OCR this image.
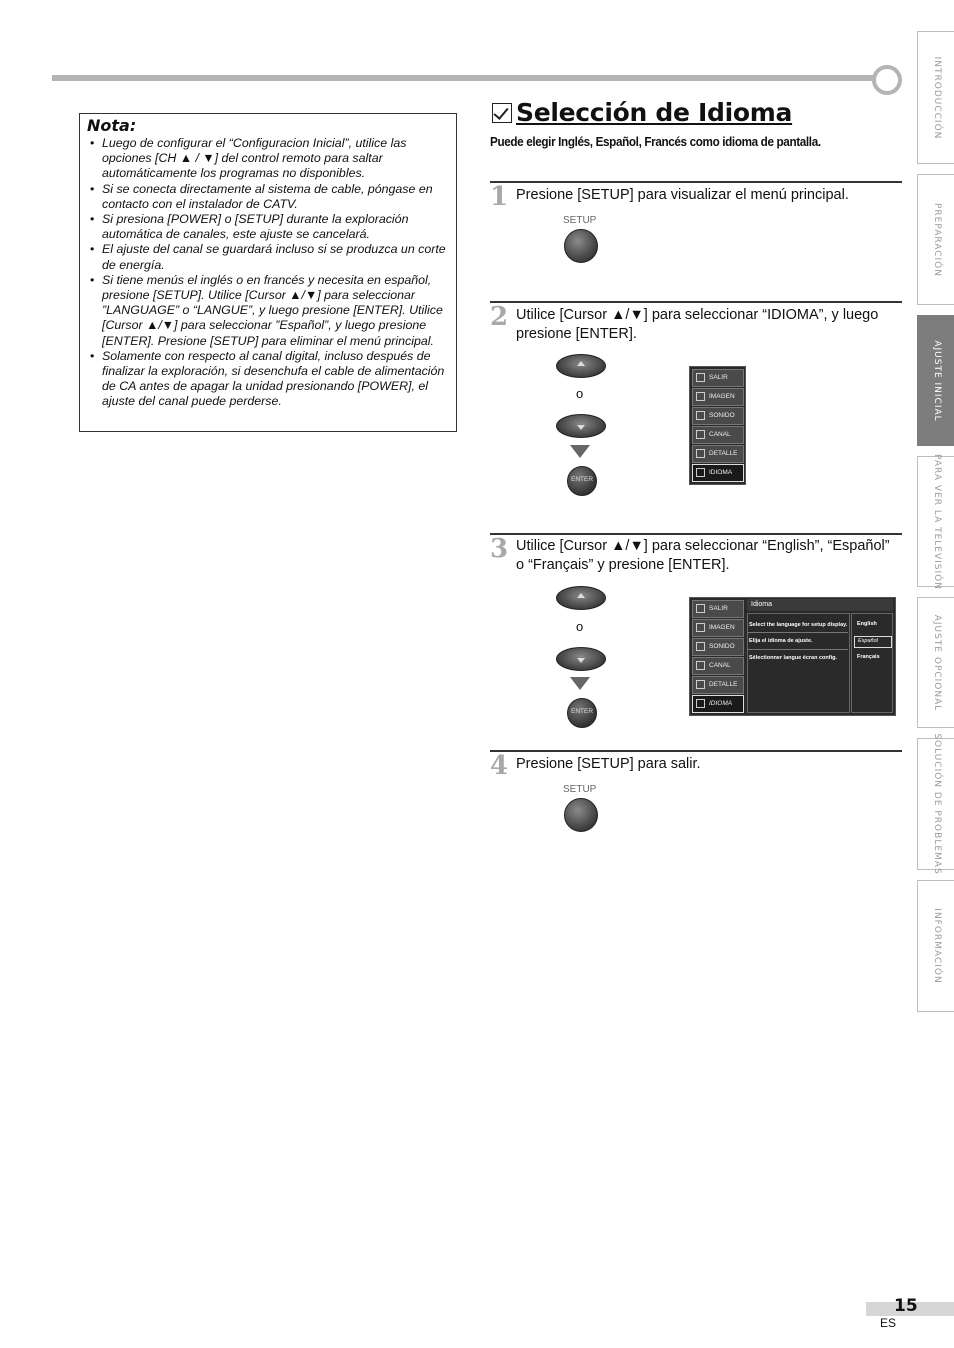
INTRODUCCIÓN
PREPARACIÓN
AJUSTE INICIAL
PARA VER LA TELEVISIÓN
AJUSTE OPCIONAL
SOLUCIÓN DE PROBLEMAS
INFORMACIÓN
Nota:
• Luego de configurar el “Configuracion Inicial”, utilice las opciones [CH ▲ / ▼] del control remoto para saltar automáticamente los programas no disponibles.
• Si se conecta directamente al sistema de cable, póngase en contacto con el instalador de CATV.
• Si presiona [POWER] o [SETUP] durante la exploración automática de canales, este ajuste se cancelará.
• El ajuste del canal se guardará incluso si se produzca un corte de energía.
• Si tiene menús el inglés o en francés y necesita en español, presione [SETUP]. Utilice [Cursor ▲/▼] para seleccionar ”LANGUAGE” o “LANGUE”, y luego presione [ENTER]. Utilice [Cursor ▲/▼] para seleccionar ”Español”, y luego presione [ENTER]. Presione [SETUP] para eliminar el menú principal.
• Solamente con respecto al canal digital, incluso después de finalizar la exploración, si desenchufa el cable de alimentación de CA antes de apagar la unidad presionando [POWER], el ajuste del canal puede perderse.
Selección de Idioma
Puede elegir Inglés, Español, Francés como idioma de pantalla.
1 Presione [SETUP] para visualizar el menú principal.
SETUP
2 Utilice [Cursor ▲/▼] para seleccionar “IDIOMA”, y luego presione [ENTER].
o
ENTER
SALIR
IMAGEN
SONIDO
CANAL
DETALLE
IDIOMA
3 Utilice [Cursor ▲/▼] para seleccionar “English”, “Español” o “Français” y presione [ENTER].
o
ENTER
SALIR
IMAGEN
SONIDO
CANAL
DETALLE
IDIOMA
Idioma
Select the language for setup display.
Elija el idioma de ajuste.
Sélectionner langue écran config.
English
Español
Français
4 Presione [SETUP] para salir.
SETUP
15
ES
